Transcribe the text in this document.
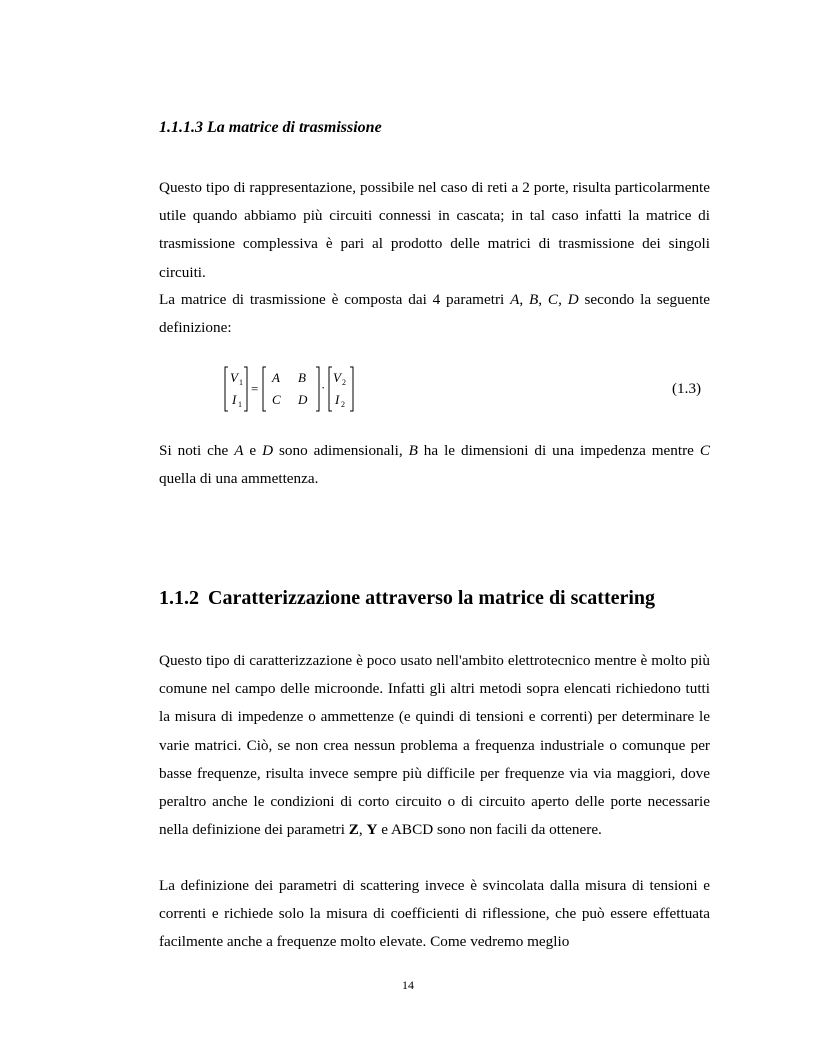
1.1.1.3 La matrice di trasmissione

Questo tipo di rappresentazione, possibile nel caso di reti a 2 porte, risulta particolarmente utile quando abbiamo più circuiti connessi in cascata; in tal caso infatti la matrice di trasmissione complessiva è pari al prodotto delle matrici di trasmissione dei singoli circuiti.

La matrice di trasmissione è composta dai 4 parametri A, B, C, D secondo la seguente definizione:

V 1
I 1
=
A B
C D
·
V 2
I 2

(1.3)

Si noti che A e D sono adimensionali, B ha le dimensioni di una impedenza mentre C quella di una ammettenza.

1.1.2 Caratterizzazione attraverso la matrice di scattering

Questo tipo di caratterizzazione è poco usato nell'ambito elettrotecnico mentre è molto più comune nel campo delle microonde. Infatti gli altri metodi sopra elencati richiedono tutti la misura di impedenze o ammettenze (e quindi di tensioni e correnti) per determinare le varie matrici. Ciò, se non crea nessun problema a frequenza industriale o comunque per basse frequenze, risulta invece sempre più difficile per frequenze via via maggiori, dove peraltro anche le condizioni di corto circuito o di circuito aperto delle porte necessarie nella definizione dei parametri Z, Y e ABCD sono non facili da ottenere.

La definizione dei parametri di scattering invece è svincolata dalla misura di tensioni e correnti e richiede solo la misura di coefficienti di riflessione, che può essere effettuata facilmente anche a frequenze molto elevate. Come vedremo meglio

14
